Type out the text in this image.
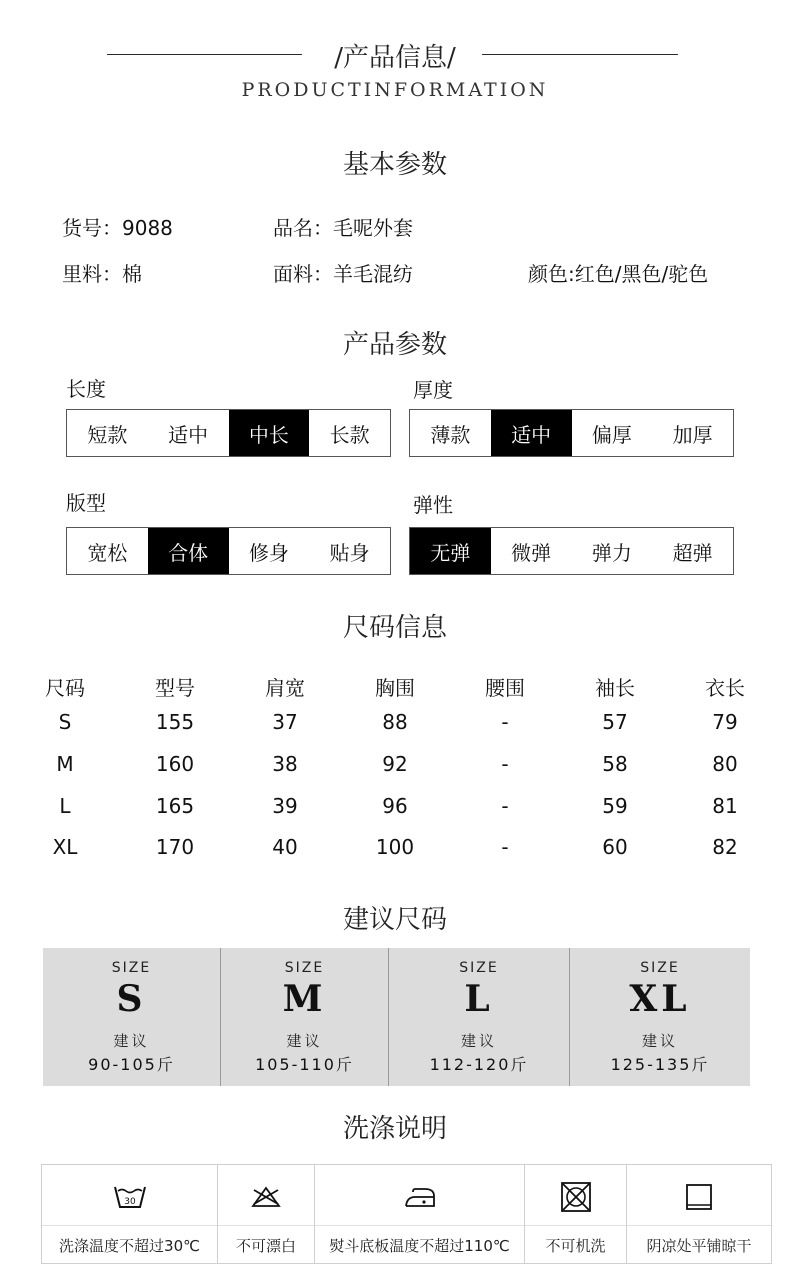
/产品信息/
PRODUCTINFORMATION
基本参数
货号：9088	品名：毛呢外套
里料：棉	面料：羊毛混纺	颜色:红色/黑色/驼色
产品参数
长度
短款	适中	中长	长款
厚度
薄款	适中	偏厚	加厚
版型
宽松	合体	修身	贴身
弹性
无弹	微弹	弹力	超弹
尺码信息
尺码	型号	肩宽	胸围	腰围	袖长	衣长
S	155	37	88	-	57	79
M	160	38	92	-	58	80
L	165	39	96	-	59	81
XL	170	40	100	-	60	82
建议尺码
SIZE
S
建议
90-105斤
SIZE
M
建议
105-110斤
SIZE
L
建议
112-120斤
SIZE
XL
建议
125-135斤
洗涤说明
30
洗涤温度不超过30℃	不可漂白	熨斗底板温度不超过110℃	不可机洗	阴凉处平铺晾干
